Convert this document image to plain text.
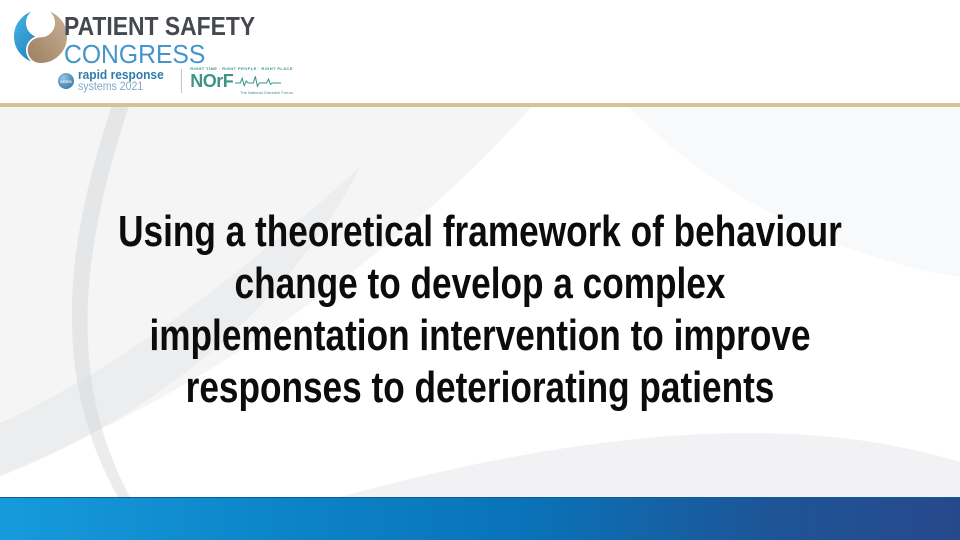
PATIENT SAFETY
CONGRESS
SRRS rapid response
systems 2021
RIGHT TIME · RIGHT PEOPLE · RIGHT PLACE
NOrF
The National Outreach Forum
Using a theoretical framework of behaviour
change to develop a complex
implementation intervention to improve
responses to deteriorating patients
